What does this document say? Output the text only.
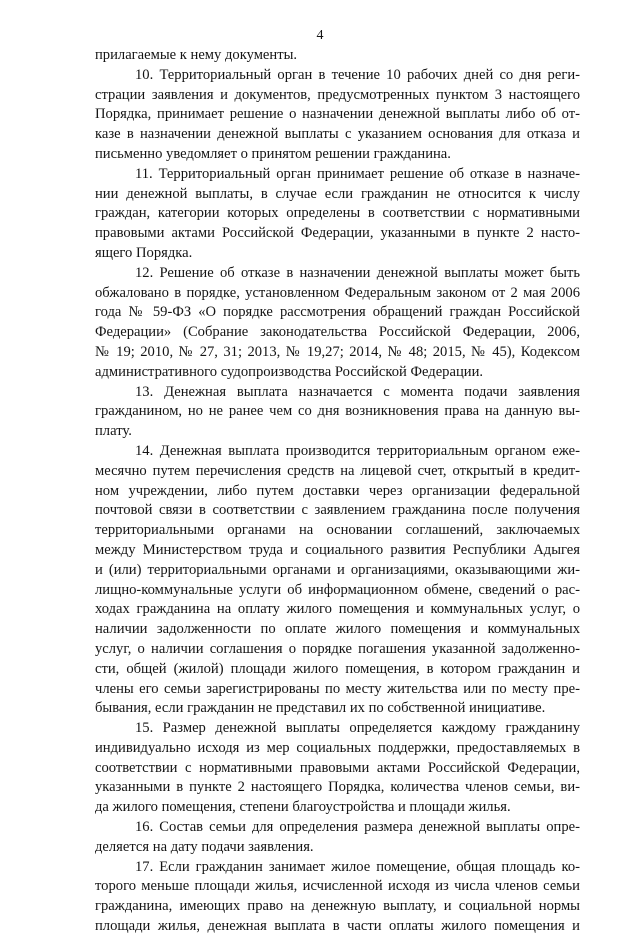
4
прилагаемые к нему документы.
10. Территориальный орган в течение 10 рабочих дней со дня реги-
страции заявления и документов, предусмотренных пунктом 3 настоящего
Порядка, принимает решение о назначении денежной выплаты либо об от-
казе в назначении денежной выплаты с указанием основания для отказа и
письменно уведомляет о принятом решении гражданина.
11. Территориальный орган принимает решение об отказе в назначе-
нии денежной выплаты, в случае если гражданин не относится к числу
граждан, категории которых определены в соответствии с нормативными
правовыми актами Российской Федерации, указанными в пункте 2 насто-
ящего Порядка.
12. Решение об отказе в назначении денежной выплаты может быть
обжаловано в порядке, установленном Федеральным законом от 2 мая 2006
года № 59-ФЗ «О порядке рассмотрения обращений граждан Российской
Федерации» (Собрание законодательства Российской Федерации, 2006,
№ 19; 2010, № 27, 31; 2013, № 19,27; 2014, № 48; 2015, № 45), Кодексом
административного судопроизводства Российской Федерации.
13. Денежная выплата назначается с момента подачи заявления
гражданином, но не ранее чем со дня возникновения права на данную вы-
плату.
14. Денежная выплата производится территориальным органом еже-
месячно путем перечисления средств на лицевой счет, открытый в кредит-
ном учреждении, либо путем доставки через организации федеральной
почтовой связи в соответствии с заявлением гражданина после получения
территориальными органами на основании соглашений, заключаемых
между Министерством труда и социального развития Республики Адыгея
и (или) территориальными органами и организациями, оказывающими жи-
лищно-коммунальные услуги об информационном обмене, сведений о рас-
ходах гражданина на оплату жилого помещения и коммунальных услуг, о
наличии задолженности по оплате жилого помещения и коммунальных
услуг, о наличии соглашения о порядке погашения указанной задолженно-
сти, общей (жилой) площади жилого помещения, в котором гражданин и
члены его семьи зарегистрированы по месту жительства или по месту пре-
бывания, если гражданин не представил их по собственной инициативе.
15. Размер денежной выплаты определяется каждому гражданину
индивидуально исходя из мер социальных поддержки, предоставляемых в
соответствии с нормативными правовыми актами Российской Федерации,
указанными в пункте 2 настоящего Порядка, количества членов семьи, ви-
да жилого помещения, степени благоустройства и площади жилья.
16. Состав семьи для определения размера денежной выплаты опре-
деляется на дату подачи заявления.
17. Если гражданин занимает жилое помещение, общая площадь ко-
торого меньше площади жилья, исчисленной исходя из числа членов семьи
гражданина, имеющих право на денежную выплату, и социальной нормы
площади жилья, денежная выплата в части оплаты жилого помещения и
